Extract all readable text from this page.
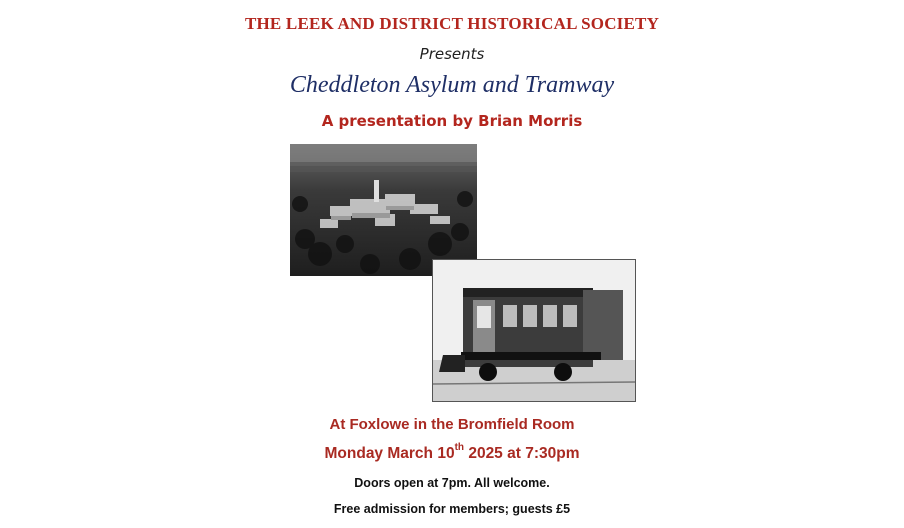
THE LEEK AND DISTRICT HISTORICAL SOCIETY
Presents
Cheddleton Asylum and Tramway
A presentation by Brian Morris
At Foxlowe in the Bromfield Room
Monday March 10th 2025 at 7:30pm
Doors open at 7pm. All welcome.
Free admission for members; guests £5
